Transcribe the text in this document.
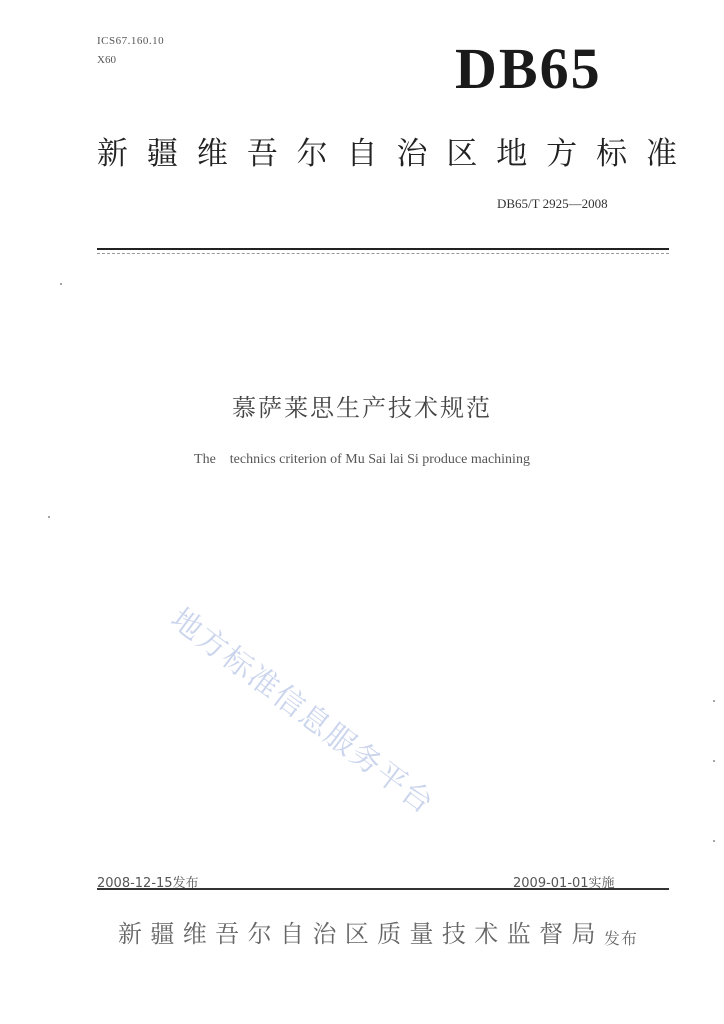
ICS67.160.10
X60	DB65
新 疆 维 吾 尔 自 治 区 地 方 标 准
DB65/T 2925—2008
慕萨莱思生产技术规范
The    technics criterion of Mu Sai lai Si produce machining
地方标准信息服务平台
2008-12-15发布	2009-01-01实施
新 疆 维 吾 尔 自 治 区 质 量 技 术 监 督 局 发布
